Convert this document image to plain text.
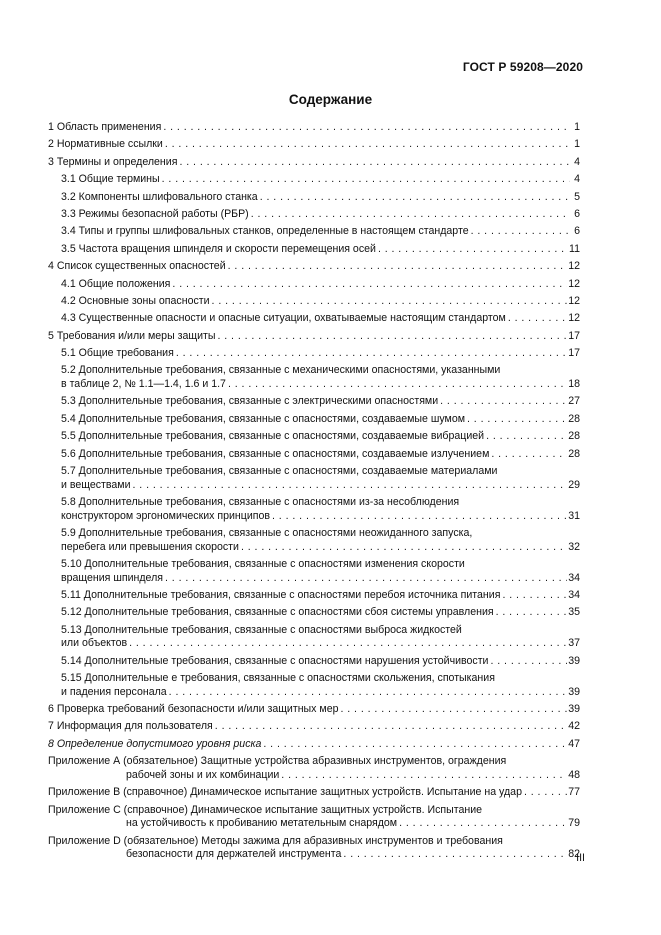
ГОСТ Р 59208—2020
Содержание
1 Область применения . . .	1
2 Нормативные ссылки . . .	1
3 Термины и определения . . .	4
3.1 Общие термины . . .	4
3.2 Компоненты шлифовального станка . . .	5
3.3 Режимы безопасной работы (РБР) . . .	6
3.4 Типы и группы шлифовальных станков, определенные в настоящем стандарте . . .	6
3.5 Частота вращения шпинделя и скорости перемещения осей . . .	11
4 Список существенных опасностей . . .	12
4.1 Общие положения . . .	12
4.2 Основные зоны опасности . . .	12
4.3 Существенные опасности и опасные ситуации, охватываемые настоящим стандартом . . .	12
5 Требования и/или меры защиты . . .	17
5.1 Общие требования . . .	17
5.2 Дополнительные требования, связанные с механическими опасностями, указанными
в таблице 2, № 1.1—1.4, 1.6 и 1.7 . . .	18
5.3 Дополнительные требования, связанные с электрическими опасностями . . .	27
5.4 Дополнительные требования, связанные с опасностями, создаваемые шумом . . .	28
5.5 Дополнительные требования, связанные с опасностями, создаваемые вибрацией . . .	28
5.6 Дополнительные требования, связанные с опасностями, создаваемые излучением . . .	28
5.7 Дополнительные требования, связанные с опасностями, создаваемые материалами
и веществами . . .	29
5.8 Дополнительные требования, связанные с опасностями из-за несоблюдения
конструктором эргономических принципов . . .	31
5.9 Дополнительные требования, связанные с опасностями неожиданного запуска,
перебега или превышения скорости . . .	32
5.10 Дополнительные требования, связанные с опасностями изменения скорости
вращения шпинделя . . .	34
5.11 Дополнительные требования, связанные с опасностями перебоя источника питания . . .	34
5.12 Дополнительные требования, связанные с опасностями сбоя системы управления . . .	35
5.13 Дополнительные требования, связанные с опасностями выброса жидкостей
или объектов . . .	37
5.14 Дополнительные требования, связанные с опасностями нарушения устойчивости . . .	39
5.15 Дополнительные е требования, связанные с опасностями скольжения, спотыкания
и падения персонала . . .	39
6 Проверка требований безопасности и/или защитных мер . . .	39
7 Информация для пользователя . . .	42
8 Определение допустимого уровня риска . . .	47
Приложение А (обязательное) Защитные устройства абразивных инструментов, ограждения
рабочей зоны и их комбинации . . .	48
Приложение В (справочное) Динамическое испытание защитных устройств. Испытание на удар . . .	77
Приложение С (справочное) Динамическое испытание защитных устройств. Испытание
на устойчивость к пробиванию метательным снарядом . . .	79
Приложение D (обязательное) Методы зажима для абразивных инструментов и требования
безопасности для держателей инструмента . . .	82
III
